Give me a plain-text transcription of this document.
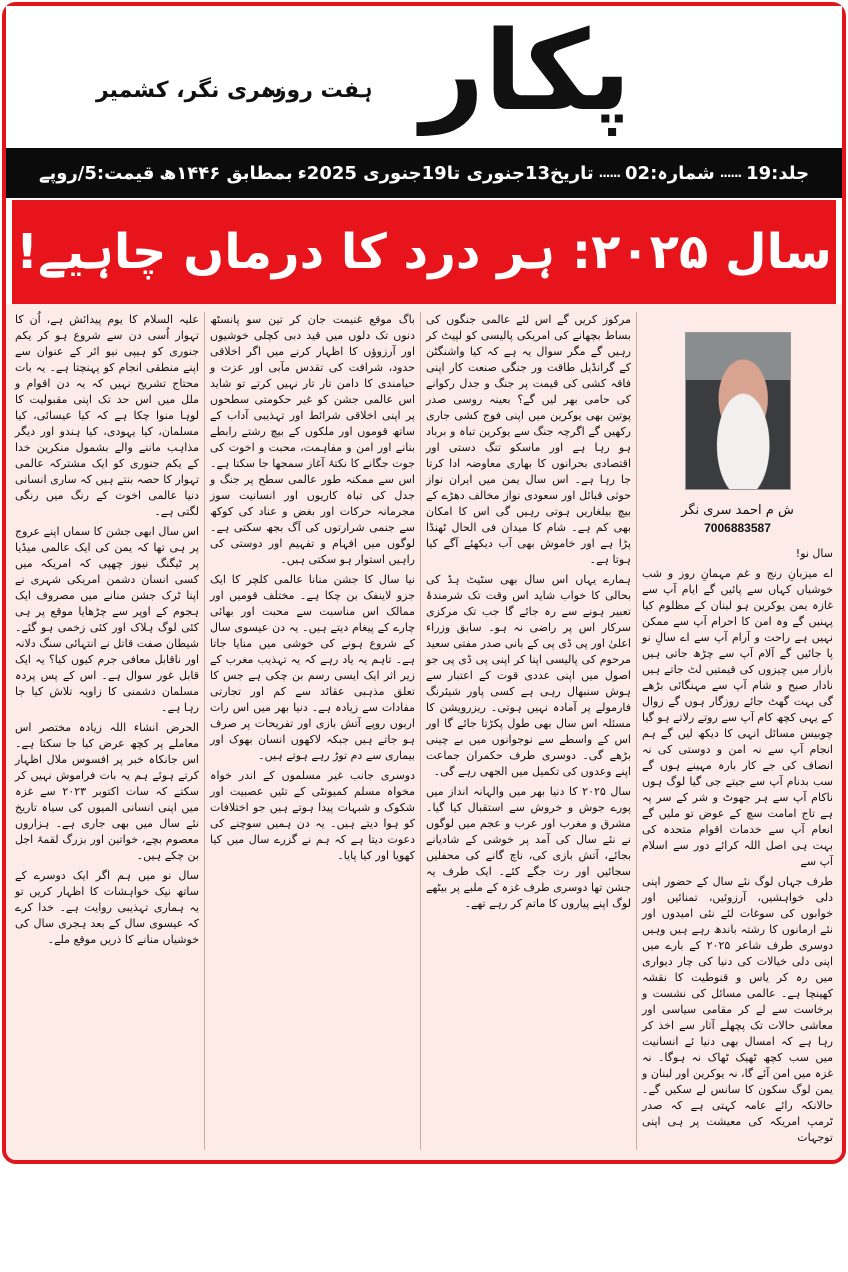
پکار
ہفت روزہ
سری نگر، کشمیر
جلد:19
......
شمارہ:02
......
تاریخ13جنوری تا19جنوری 2025ء
بمطابق ۱۴۴۶ھ
قیمت:5/روپے
سال ۲۰۲۵: ہر درد کا درماں چاہیے!
ش م احمد سری نگر
7006883587

سال نو!

اے میزبانِ رنج و غم مہمانِ روز و شب خوشیاں کہاں سے پائیں گے ایام آپ سے غازہ یمن یوکرین ہو لبنان کے مظلوم کیا پہنیں گے وہ امن کا احرام آپ سے ممکن نہیں ہے راحت و آرام آپ سے اے سالِ نو پا جائیں گے آلام آپ سے چڑھ جاتی ہیں بازار میں چیزوں کی قیمتیں لٹ جاتے ہیں نادار صبح و شام آپ سے مہنگائی بڑھے گی بہت گھٹ جائے روزگار ہوں گے زوال کے یہی کچھ کام آپ سے روتے رلاتے ہو گیا چوبیس مسائل انہی کا دیکھ لیں گے ہم انجام آپ سے نہ امن و دوستی کی نہ انصاف کی جے کار بارہ مہینے ہوں گے سب بدنام آپ سے جیتے جی گیا لوگ ہوں ناکام آپ سے ہر جھوٹ و شر کے سر پہ ہے تاج امامت سچ کے عوض تو ملیں گے انعام آپ سے خدمات اقوام متحدہ کی بہت ہی اصل اللہ کرائے دور سے اسلام آپ سے

طرف جہاں لوگ نئے سال کے حضور اپنی دلی خواہشیں، آرزوئیں، تمنائیں اور خوابوں کی سوغات لئے نئی امیدوں اور نئے ارمانوں کا رشتہ باندھ رہے ہیں وہیں دوسری طرف شاعر ۲۰۲۵ کے بارے میں اپنی دلی خیالات کی دنیا کی چار دیواری میں رہ کر یاس و قنوطیت کا نقشہ کھینچا ہے۔ عالمی مسائل کی نشست و برخاست سے لے کر مقامی سیاسی اور معاشی حالات تک پچھلے آثار سے اخذ کر رہا ہے کہ امسال بھی دنیا ئے انسانیت میں سب کچھ ٹھیک ٹھاک نہ ہوگا۔ نہ غزہ میں امن آئے گا، نہ یوکرین اور لبنان و یمن لوگ سکون کا سانس لے سکیں گے۔ حالانکہ رائے عامہ کہتی ہے کہ صدر ٹرمپ امریکہ کی معیشت پر ہی اپنی توجہات

مرکوز کریں گے اس لئے عالمی جنگوں کی بساط بچھانے کی امریکی پالیسی کو لپیٹ کر رہیں گے مگر سوال یہ ہے کہ کیا واشنگٹن کے گرانڈیل طاقت ور جنگی صنعت کار اپنی فاقہ کشی کی قیمت پر جنگ و جدل رکوانے کی حامی بھر لیں گے؟ بعینہ روسی صدر پوتین بھی یوکرین میں اپنی فوج کشی جاری رکھیں گے اگرچہ جنگ سے یوکرین تباہ و برباد ہو رہا ہے اور ماسکو تنگ دستی اور اقتصادی بحرانوں کا بھاری معاوضہ ادا کرتا جا رہا ہے۔ اس سال یمن میں ایران نواز حوثی قبائل اور سعودی نواز مخالف دھڑے کے بیچ بیلغاریں ہوتی رہیں گی اس کا امکان بھی کم ہے۔ شام کا میدان فی الحال ٹھنڈا پڑا ہے اور خاموش بھی آب دیکھئے آگے کیا ہوتا ہے۔

ہمارے یہاں اس سال بھی سٹیٹ ہڈ کی بحالی کا خواب شاید اس وقت تک شرمندۂ تعبیر ہونے سے رہ جائے گا جب تک مرکزی سرکار اس پر راضی نہ ہو۔ سابق وزراء اعلیٰ اور پی ڈی پی کے بانی صدر مفتی سعید مرحوم کی پالیسی اپنا کر اپنی پی ڈی پی جو اصول میں اپنی عددی قوت کے اعتبار سے ہوش سنبھال رہی ہے کسی پاور شیئرنگ فارمولے پر آمادہ نہیں ہوتی۔ ریزرویشن کا مسئلہ اس سال بھی طول پکڑتا جائے گا اور اس کے واسطے سے نوجوانوں میں بے چینی بڑھے گی۔ دوسری طرف حکمران جماعت اپنے وعدوں کی تکمیل میں الجھی رہے گی۔

سال ۲۰۲۵ کا دنیا بھر میں والہانہ انداز میں پورے جوش و خروش سے استقبال کیا گیا۔ مشرق و مغرب اور عرب و عجم میں لوگوں نے نئے سال کی آمد پر خوشی کے شادیانے بجائے، آتش بازی کی، ناچ گانے کی محفلیں سجائیں اور رت جگے کئے۔ ایک طرف یہ جشن تھا دوسری طرف غزہ کے ملبے پر بیٹھے لوگ اپنے پیاروں کا ماتم کر رہے تھے۔

باگ موقع غنیمت جان کر تین سو پانسٹھ دنوں تک دلوں میں قید دبی کچلی خوشیوں اور آرزوؤں کا اظہار کرنے میں اگر اخلاقی حدود، شرافت کی تقدس مآبی اور عزت و حیامندی کا دامن تار تار نہیں کرتے تو شاید اس عالمی جشن کو غیر حکومتی سطحوں پر اپنی اخلاقی شرائط اور تہذیبی آداب کے ساتھ قوموں اور ملکوں کے بیچ رشتے رابطے بنانے اور امن و مفاہمت، محبت و اخوت کی جوت جگانے کا نکتۂ آغاز سمجھا جا سکتا ہے۔ اس سے ممکنہ طور عالمی سطح پر جنگ و جدل کی تباہ کاریوں اور انسانیت سوز مجرمانہ حرکات اور بغض و عناد کی کوکھ سے جنمی شرارتوں کی آگ بجھ سکتی ہے۔ لوگوں میں افہام و تفہیم اور دوستی کی راہیں استوار ہو سکتی ہیں۔

نیا سال کا جشن منانا عالمی کلچر کا ایک جزو لاینفک بن چکا ہے۔ مختلف قومیں اور ممالک اس مناسبت سے محبت اور بھائی چارے کے پیغام دیتے ہیں۔ یہ دن عیسوی سال کے شروع ہونے کی خوشی میں منایا جاتا ہے۔ تاہم یہ یاد رہے کہ یہ تہذیب مغرب کے زیر اثر ایک ایسی رسم بن چکی ہے جس کا تعلق مذہبی عقائد سے کم اور تجارتی مفادات سے زیادہ ہے۔ دنیا بھر میں اس رات اربوں روپے آتش بازی اور تفریحات پر صرف ہو جاتے ہیں جبکہ لاکھوں انسان بھوک اور بیماری سے دم توڑ رہے ہوتے ہیں۔

دوسری جانب غیر مسلموں کے اندر خواہ مخواہ مسلم کمیونٹی کے تئیں عصبیت اور شکوک و شبہات پیدا ہوتے ہیں جو اختلافات کو ہوا دیتے ہیں۔ یہ دن ہمیں سوچنے کی دعوت دیتا ہے کہ ہم نے گزرے سال میں کیا کھویا اور کیا پایا۔

علیہ السلام کا یوم پیدائش ہے، اُن کا تہوار اُسی دن سے شروع ہو کر یکم جنوری کو ہیپی نیو ائر کے عنوان سے اپنے منطقی انجام کو پہنچتا ہے۔ یہ بات محتاج تشریح نہیں کہ یہ دن اقوام و ملل میں اس حد تک اپنی مقبولیت کا لوہا منوا چکا ہے کہ کیا عیسائی، کیا مسلمان، کیا یہودی، کیا ہندو اور دیگر مذاہب ماننے والے بشمول منکرین خدا کے یکم جنوری کو ایک مشترکہ عالمی تہوار کا حصہ بنتے ہیں کہ ساری انسانی دنیا عالمی اخوت کے رنگ میں رنگی لگتی ہے۔

اس سال ابھی جشن کا سماں اپنے عروج پر ہی تھا کہ یمن کی ایک عالمی میڈیا پر ٹیگنگ نیوز چھپی کہ امریکہ میں کسی انسان دشمن امریکی شہری نے اپنا ٹرک جشن منانے میں مصروف ایک ہجوم کے اوپر سے چڑھایا موقع پر ہی کئی لوگ ہلاک اور کئی زخمی ہو گئے۔ شیطان صفت قاتل نے انتہائی سنگ دلانہ اور ناقابل معافی جرم کیوں کیا؟ یہ ایک قابل غور سوال ہے۔ اس کے پس پردہ مسلمان دشمنی کا زاویہ تلاش کیا جا رہا ہے۔

الحرض انشاء اللہ زیادہ مختصر اس معاملے پر کچھ عرض کیا جا سکتا ہے۔ اس جانکاہ خبر پر افسوس ملال اظہار کرتے ہوئے ہم یہ بات فراموش نہیں کر سکتے کہ سات اکتوبر ۲۰۲۳ سے غزہ میں اپنی انسانی المیوں کی سیاہ تاریخ نئے سال میں بھی جاری ہے۔ ہزاروں معصوم بچے، خواتین اور بزرگ لقمۂ اجل بن چکے ہیں۔

سال نو میں ہم اگر ایک دوسرے کے ساتھ نیک خواہشات کا اظہار کریں تو یہ ہماری تہذیبی روایت ہے۔ خدا کرے کہ عیسوی سال کے بعد ہجری سال کی خوشیاں منانے کا ذریں موقع ملے۔
